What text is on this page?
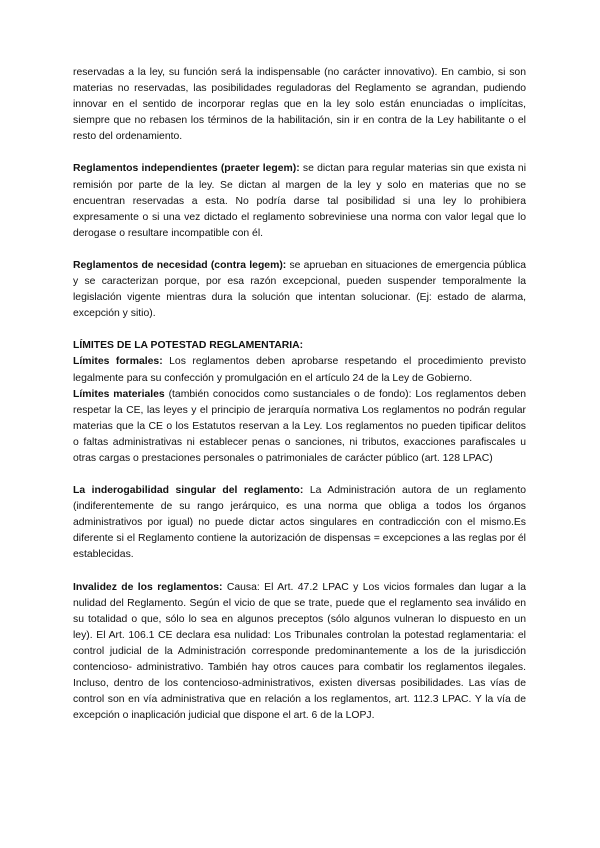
reservadas a la ley, su función será la indispensable (no carácter innovativo). En cambio, si son materias no reservadas, las posibilidades reguladoras del Reglamento se agrandan, pudiendo innovar en el sentido de incorporar reglas que en la ley solo están enunciadas o implícitas, siempre que no rebasen los términos de la habilitación, sin ir en contra de la Ley habilitante o el resto del ordenamiento.

Reglamentos independientes (praeter legem): se dictan para regular materias sin que exista ni remisión por parte de la ley. Se dictan al margen de la ley y solo en materias que no se encuentran reservadas a esta. No podría darse tal posibilidad si una ley lo prohibiera expresamente o si una vez dictado el reglamento sobreviniese una norma con valor legal que lo derogase o resultare incompatible con él.

Reglamentos de necesidad (contra legem): se aprueban en situaciones de emergencia pública y se caracterizan porque, por esa razón excepcional, pueden suspender temporalmente la legislación vigente mientras dura la solución que intentan solucionar. (Ej: estado de alarma, excepción y sitio).

LÍMITES DE LA POTESTAD REGLAMENTARIA:

Límites formales: Los reglamentos deben aprobarse respetando el procedimiento previsto legalmente para su confección y promulgación en el artículo 24 de la Ley de Gobierno.

Límites materiales (también conocidos como sustanciales o de fondo): Los reglamentos deben respetar la CE, las leyes y el principio de jerarquía normativa Los reglamentos no podrán regular materias que la CE o los Estatutos reservan a la Ley. Los reglamentos no pueden tipificar delitos o faltas administrativas ni establecer penas o sanciones, ni tributos, exacciones parafiscales u otras cargas o prestaciones personales o patrimoniales de carácter público (art. 128 LPAC)

La inderogabilidad singular del reglamento: La Administración autora de un reglamento (indiferentemente de su rango jerárquico, es una norma que obliga a todos los órganos administrativos por igual) no puede dictar actos singulares en contradicción con el mismo.Es diferente si el Reglamento contiene la autorización de dispensas = excepciones a las reglas por él establecidas.

Invalidez de los reglamentos: Causa: El Art. 47.2 LPAC y Los vicios formales dan lugar a la nulidad del Reglamento. Según el vicio de que se trate, puede que el reglamento sea inválido en su totalidad o que, sólo lo sea en algunos preceptos (sólo algunos vulneran lo dispuesto en un ley). El Art. 106.1 CE declara esa nulidad: Los Tribunales controlan la potestad reglamentaria: el control judicial de la Administración corresponde predominantemente a los de la jurisdicción contencioso- administrativo. También hay otros cauces para combatir los reglamentos ilegales. Incluso, dentro de los contencioso-administrativos, existen diversas posibilidades. Las vías de control son en vía administrativa que en relación a los reglamentos, art. 112.3 LPAC. Y la vía de excepción o inaplicación judicial que dispone el art. 6 de la LOPJ.
